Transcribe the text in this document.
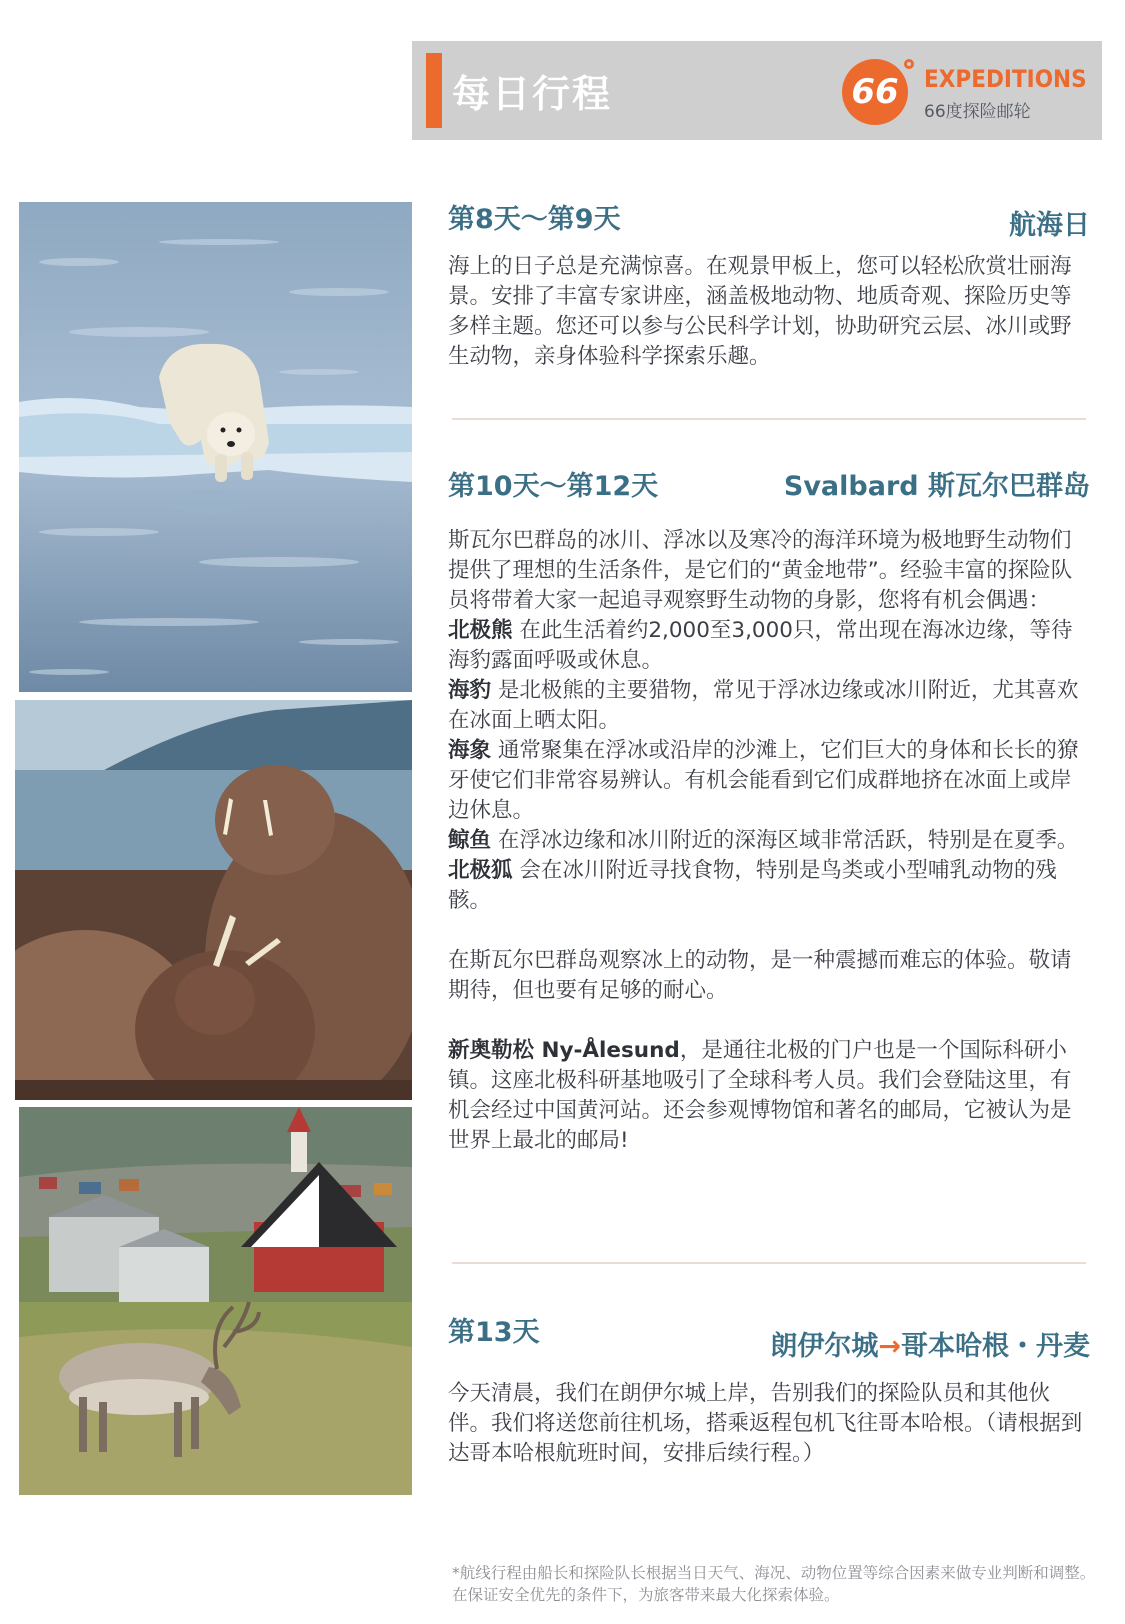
每日行程	66	EXPEDITIONS
66度探险邮轮
第8天～第9天	航海日
海上的日子总是充满惊喜。在观景甲板上，您可以轻松欣赏壮丽海景。安排了丰富专家讲座，涵盖极地动物、地质奇观、探险历史等多样主题。您还可以参与公民科学计划，协助研究云层、冰川或野生动物，亲身体验科学探索乐趣。
第10天～第12天	Svalbard 斯瓦尔巴群岛

斯瓦尔巴群岛的冰川、浮冰以及寒冷的海洋环境为极地野生动物们提供了理想的生活条件，是它们的“黄金地带”。经验丰富的探险队员将带着大家一起追寻观察野生动物的身影，您将有机会偶遇：

北极熊 在此生活着约2,000至3,000只，常出现在海冰边缘，等待海豹露面呼吸或休息。

海豹 是北极熊的主要猎物，常见于浮冰边缘或冰川附近，尤其喜欢在冰面上晒太阳。

海象 通常聚集在浮冰或沿岸的沙滩上，它们巨大的身体和长长的獠牙使它们非常容易辨认。有机会能看到它们成群地挤在冰面上或岸边休息。

鲸鱼 在浮冰边缘和冰川附近的深海区域非常活跃，特别是在夏季。

北极狐 会在冰川附近寻找食物，特别是鸟类或小型哺乳动物的残骸。

在斯瓦尔巴群岛观察冰上的动物，是一种震撼而难忘的体验。敬请期待，但也要有足够的耐心。

新奥勒松 Ny-Ålesund，是通往北极的门户也是一个国际科研小镇。这座北极科研基地吸引了全球科考人员。我们会登陆这里，有机会经过中国黄河站。还会参观博物馆和著名的邮局，它被认为是世界上最北的邮局!

第13天	朗伊尔城→哥本哈根・丹麦
今天清晨，我们在朗伊尔城上岸，告别我们的探险队员和其他伙伴。我们将送您前往机场，搭乘返程包机飞往哥本哈根。（请根据到达哥本哈根航班时间，安排后续行程。）
*航线行程由船长和探险队长根据当日天气、海况、动物位置等综合因素来做专业判断和调整。在保证安全优先的条件下，为旅客带来最大化探索体验。
